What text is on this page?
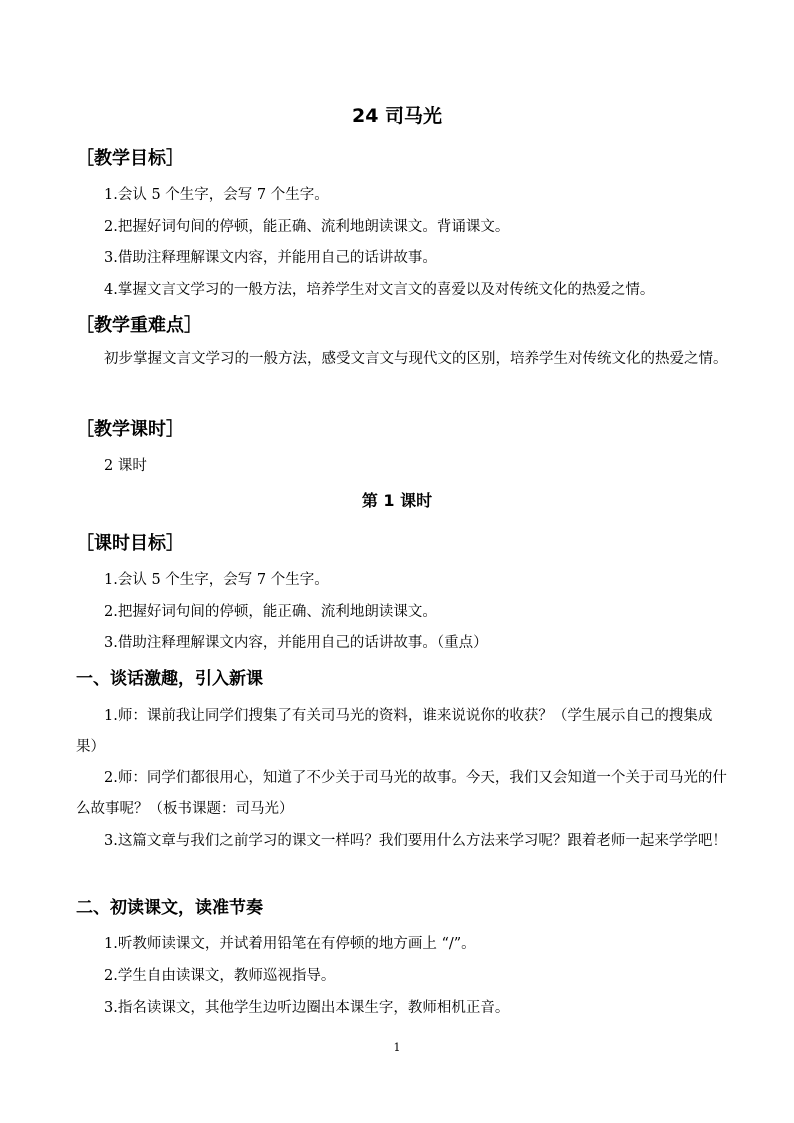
24 司马光
［教学目标］
1.会认 5 个生字，会写 7 个生字。
2.把握好词句间的停顿，能正确、流利地朗读课文。背诵课文。
3.借助注释理解课文内容，并能用自己的话讲故事。
4.掌握文言文学习的一般方法，培养学生对文言文的喜爱以及对传统文化的热爱之情。
［教学重难点］
初步掌握文言文学习的一般方法，感受文言文与现代文的区别，培养学生对传统文化的热爱之情。
［教学课时］
2 课时
第 1 课时
［课时目标］
1.会认 5 个生字，会写 7 个生字。
2.把握好词句间的停顿，能正确、流利地朗读课文。
3.借助注释理解课文内容，并能用自己的话讲故事。（重点）
一、谈话激趣，引入新课
1.师：课前我让同学们搜集了有关司马光的资料，谁来说说你的收获？（学生展示自己的搜集成果）
2.师：同学们都很用心，知道了不少关于司马光的故事。今天，我们又会知道一个关于司马光的什么故事呢？（板书课题：司马光）
3.这篇文章与我们之前学习的课文一样吗？我们要用什么方法来学习呢？跟着老师一起来学学吧！
二、初读课文，读准节奏
1.听教师读课文，并试着用铅笔在有停顿的地方画上 “/”。
2.学生自由读课文，教师巡视指导。
3.指名读课文，其他学生边听边圈出本课生字，教师相机正音。
1
